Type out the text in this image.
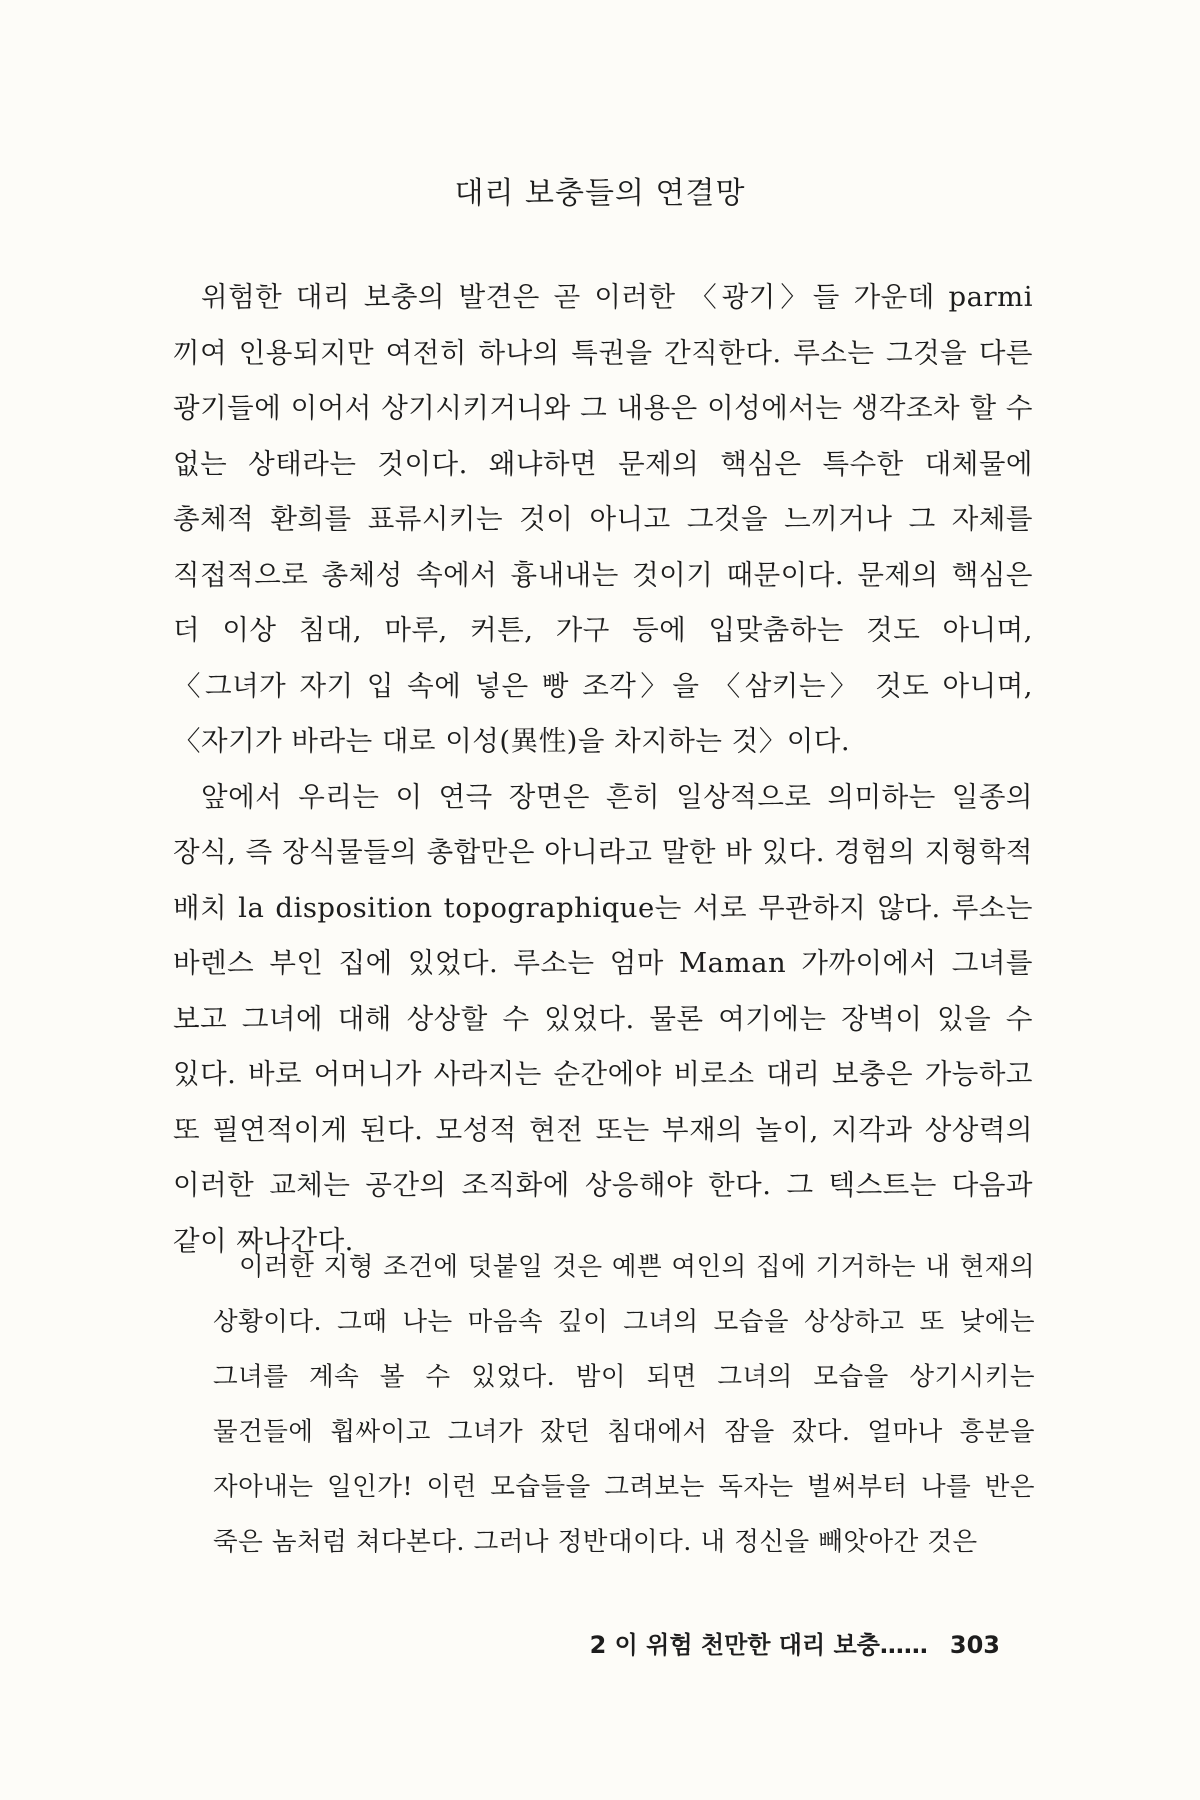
대리 보충들의 연결망

위험한 대리 보충의 발견은 곧 이러한 〈광기〉들 가운데 parmi 끼여 인용되지만 여전히 하나의 특권을 간직한다. 루소는 그것을 다른 광기들에 이어서 상기시키거니와 그 내용은 이성에서는 생각조차 할 수 없는 상태라는 것이다. 왜냐하면 문제의 핵심은 특수한 대체물에 총체적 환희를 표류시키는 것이 아니고 그것을 느끼거나 그 자체를 직접적으로 총체성 속에서 흉내내는 것이기 때문이다. 문제의 핵심은 더 이상 침대, 마루, 커튼, 가구 등에 입맞춤하는 것도 아니며, 〈그녀가 자기 입 속에 넣은 빵 조각〉을 〈삼키는〉 것도 아니며, 〈자기가 바라는 대로 이성(異性)을 차지하는 것〉이다.

앞에서 우리는 이 연극 장면은 흔히 일상적으로 의미하는 일종의 장식, 즉 장식물들의 총합만은 아니라고 말한 바 있다. 경험의 지형학적 배치 la disposition topographique는 서로 무관하지 않다. 루소는 바렌스 부인 집에 있었다. 루소는 엄마 Maman 가까이에서 그녀를 보고 그녀에 대해 상상할 수 있었다. 물론 여기에는 장벽이 있을 수 있다. 바로 어머니가 사라지는 순간에야 비로소 대리 보충은 가능하고 또 필연적이게 된다. 모성적 현전 또는 부재의 놀이, 지각과 상상력의 이러한 교체는 공간의 조직화에 상응해야 한다. 그 텍스트는 다음과 같이 짜나간다.

이러한 지형 조건에 덧붙일 것은 예쁜 여인의 집에 기거하는 내 현재의 상황이다. 그때 나는 마음속 깊이 그녀의 모습을 상상하고 또 낮에는 그녀를 계속 볼 수 있었다. 밤이 되면 그녀의 모습을 상기시키는 물건들에 휩싸이고 그녀가 잤던 침대에서 잠을 잤다. 얼마나 흥분을 자아내는 일인가! 이런 모습들을 그려보는 독자는 벌써부터 나를 반은 죽은 놈처럼 쳐다본다. 그러나 정반대이다. 내 정신을 빼앗아간 것은

2 이 위험 천만한 대리 보충…… 303
